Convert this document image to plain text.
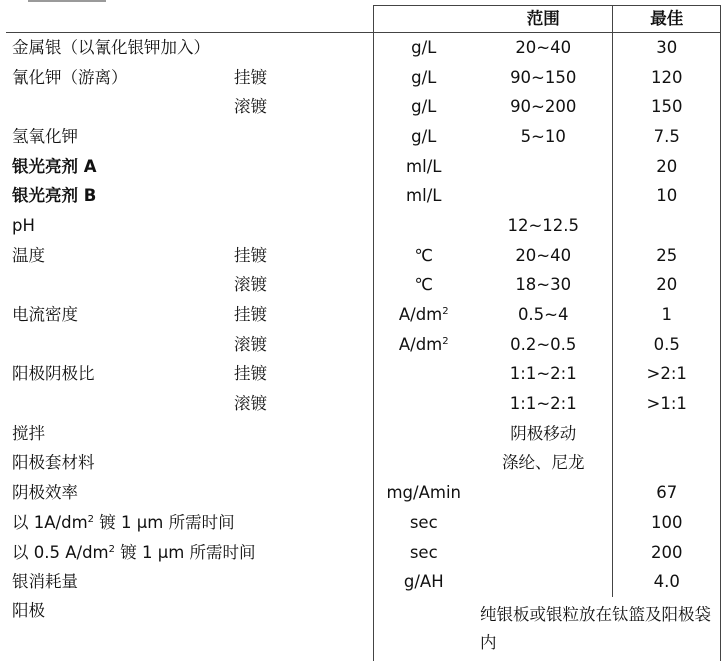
		范围	最佳
金属银（以氰化银钾加入）	g/L	20~40	30
氰化钾（游离） 挂镀	g/L	90~150	120
滚镀	g/L	90~200	150
氢氧化钾	g/L	5~10	7.5
银光亮剂 A	ml/L		20
银光亮剂 B	ml/L		10
pH		12~12.5	
温度 挂镀	℃	20~40	25
滚镀	℃	18~30	20
电流密度 挂镀	$A/dm^2$	0.5~4	1
滚镀	$A/dm^2$	0.2~0.5	0.5
阳极阴极比 挂镀		1:1~2:1	>2:1
滚镀		1:1~2:1	>1:1
搅拌		阴极移动	
阳极套材料		涤纶、尼龙	
阴极效率	mg/Amin		67
以 $1A/dm^2$ 镀 1 μm 所需时间	sec		100
以 0.5 $A/dm^2$ 镀 1 μm 所需时间	sec		200
银消耗量	g/AH		4.0
阳极		纯银板或银粒放在钛篮及阳极袋内	
